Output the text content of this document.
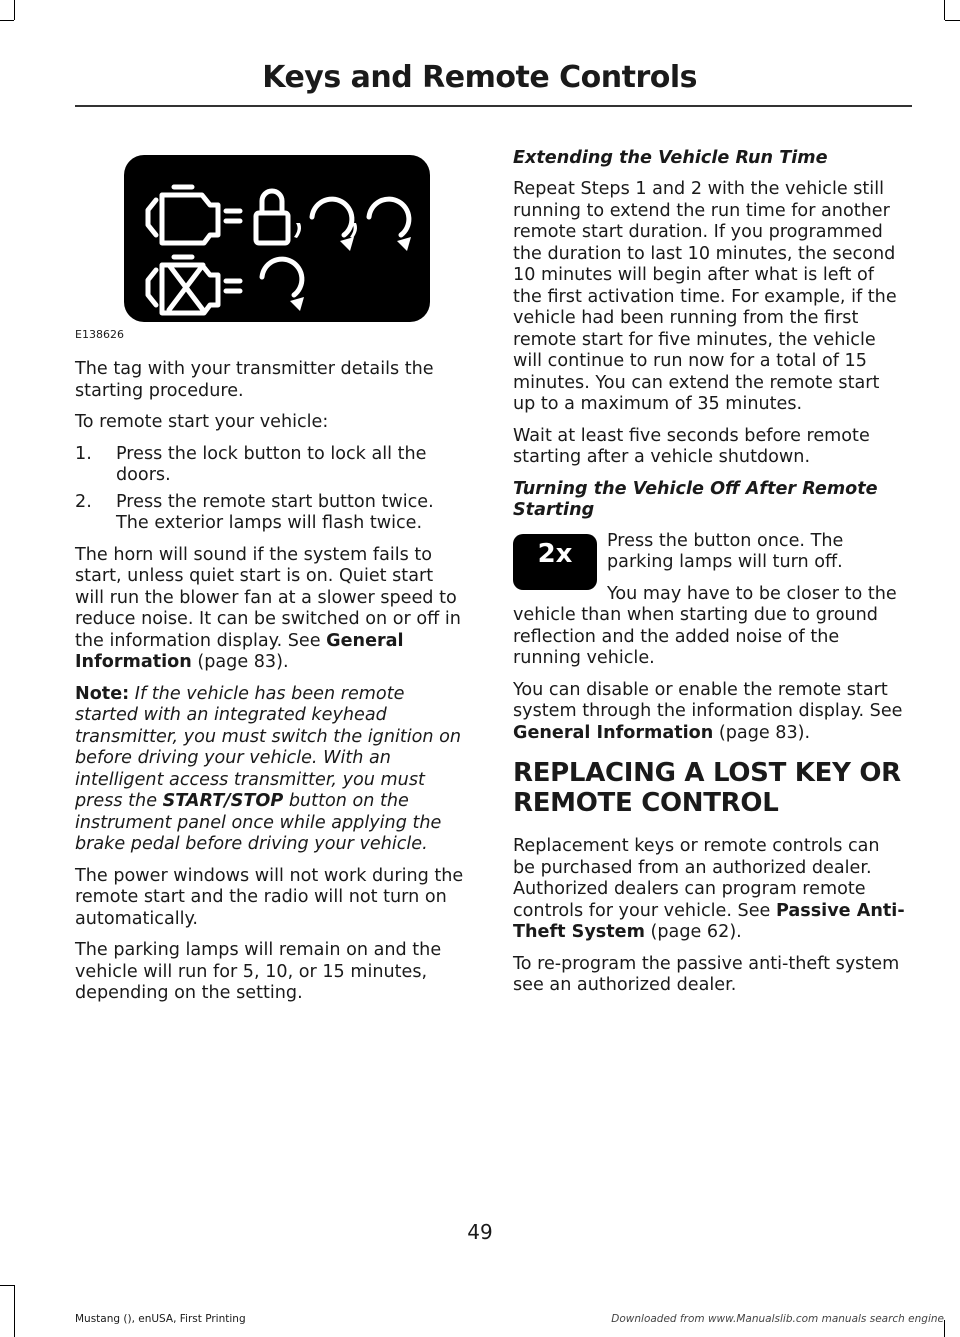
Keys and Remote Controls
E138626

The tag with your transmitter details the starting procedure.

To remote start your vehicle:

1. Press the lock button to lock all the doors.
2. Press the remote start button twice. The exterior lamps will flash twice.

The horn will sound if the system fails to start, unless quiet start is on. Quiet start will run the blower fan at a slower speed to reduce noise. It can be switched on or off in the information display. See General Information (page 83).

Note: If the vehicle has been remote started with an integrated keyhead transmitter, you must switch the ignition on before driving your vehicle. With an intelligent access transmitter, you must press the START/STOP button on the instrument panel once while applying the brake pedal before driving your vehicle.

The power windows will not work during the remote start and the radio will not turn on automatically.

The parking lamps will remain on and the vehicle will run for 5, 10, or 15 minutes, depending on the setting.

Extending the Vehicle Run Time

Repeat Steps 1 and 2 with the vehicle still running to extend the run time for another remote start duration. If you programmed the duration to last 10 minutes, the second 10 minutes will begin after what is left of the first activation time. For example, if the vehicle had been running from the first remote start for five minutes, the vehicle will continue to run now for a total of 15 minutes. You can extend the remote start up to a maximum of 35 minutes.

Wait at least five seconds before remote starting after a vehicle shutdown.

Turning the Vehicle Off After Remote Starting
2x	Press the button once. The parking lamps will turn off.

You may have to be closer to the vehicle than when starting due to ground reflection and the added noise of the running vehicle.

You can disable or enable the remote start system through the information display. See General Information (page 83).

REPLACING A LOST KEY OR
REMOTE CONTROL

Replacement keys or remote controls can be purchased from an authorized dealer. Authorized dealers can program remote controls for your vehicle. See Passive Anti-Theft System (page 62).

To re-program the passive anti-theft system see an authorized dealer.

49
Mustang (), enUSA, First Printing	Downloaded from www.Manualslib.com manuals search engine
